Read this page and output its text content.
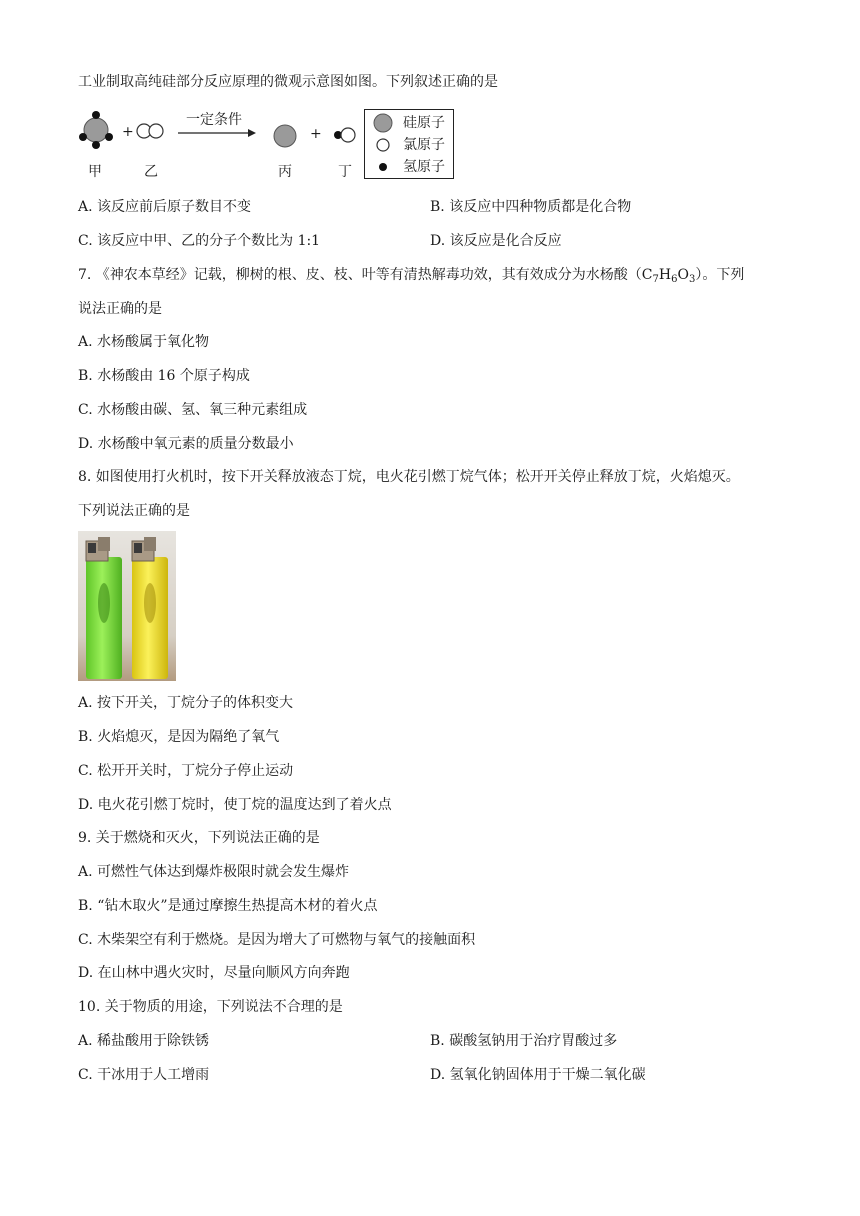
工业制取高纯硅部分反应原理的微观示意图如图。下列叙述正确的是
+
一定条件
+
甲	乙	丙	丁
硅原子
氯原子
氢原子
A. 该反应前后原子数目不变	B. 该反应中四种物质都是化合物
C. 该反应中甲、乙的分子个数比为 1:1	D. 该反应是化合反应
7. 《神农本草经》记载，柳树的根、皮、枝、叶等有清热解毒功效，其有效成分为水杨酸$(C_7H_6O_3)$。下列
说法正确的是
A. 水杨酸属于氧化物
B. 水杨酸由 16 个原子构成
C. 水杨酸由碳、氢、氧三种元素组成
D. 水杨酸中氧元素的质量分数最小
8. 如图使用打火机时，按下开关释放液态丁烷，电火花引燃丁烷气体；松开开关停止释放丁烷，火焰熄灭。
下列说法正确的是
A. 按下开关，丁烷分子的体积变大
B. 火焰熄灭，是因为隔绝了氧气
C. 松开开关时，丁烷分子停止运动
D. 电火花引燃丁烷时，使丁烷的温度达到了着火点
9. 关于燃烧和灭火，下列说法正确的是
A. 可燃性气体达到爆炸极限时就会发生爆炸
B. “钻木取火”是通过摩擦生热提高木材的着火点
C. 木柴架空有利于燃烧。是因为增大了可燃物与氧气的接触面积
D. 在山林中遇火灾时，尽量向顺风方向奔跑
10. 关于物质的用途，下列说法不合理的是
A. 稀盐酸用于除铁锈	B. 碳酸氢钠用于治疗胃酸过多
C. 干冰用于人工增雨	D. 氢氧化钠固体用于干燥二氧化碳
